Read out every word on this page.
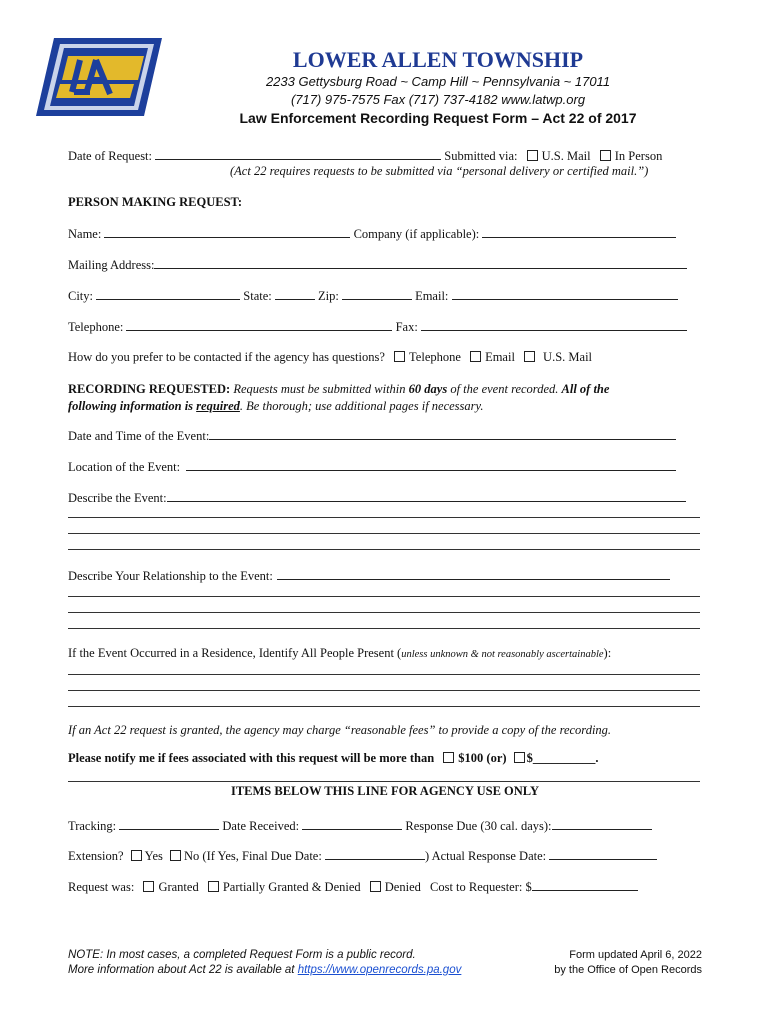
LOWER ALLEN TOWNSHIP
2233 Gettysburg Road ~ Camp Hill ~ Pennsylvania ~ 17011
(717) 975-7575 Fax (717) 737-4182 www.latwp.org
Law Enforcement Recording Request Form – Act 22 of 2017
Date of Request:	Submitted via: U.S. Mail In Person
(Act 22 requires requests to be submitted via “personal delivery or certified mail.”)
PERSON MAKING REQUEST:
Name:	Company (if applicable):
Mailing Address:
City:	State:	Zip:	Email:
Telephone:	Fax:
How do you prefer to be contacted if the agency has questions? Telephone Email U.S. Mail
RECORDING REQUESTED: Requests must be submitted within 60 days of the event recorded. All of the
following information is required. Be thorough; use additional pages if necessary.
Date and Time of the Event:
Location of the Event:
Describe the Event:
Describe Your Relationship to the Event:
If the Event Occurred in a Residence, Identify All People Present (unless unknown & not reasonably ascertainable):
If an Act 22 request is granted, the agency may charge “reasonable fees” to provide a copy of the recording.
Please notify me if fees associated with this request will be more than $100 (or) $__________.
ITEMS BELOW THIS LINE FOR AGENCY USE ONLY
Tracking:	Date Received:	Response Due (30 cal. days):
Extension? Yes No (If Yes, Final Due Date:	) Actual Response Date:
Request was: Granted Partially Granted & Denied Denied Cost to Requester: $
NOTE: In most cases, a completed Request Form is a public record.
More information about Act 22 is available at https://www.openrecords.pa.gov
Form updated April 6, 2022
by the Office of Open Records
